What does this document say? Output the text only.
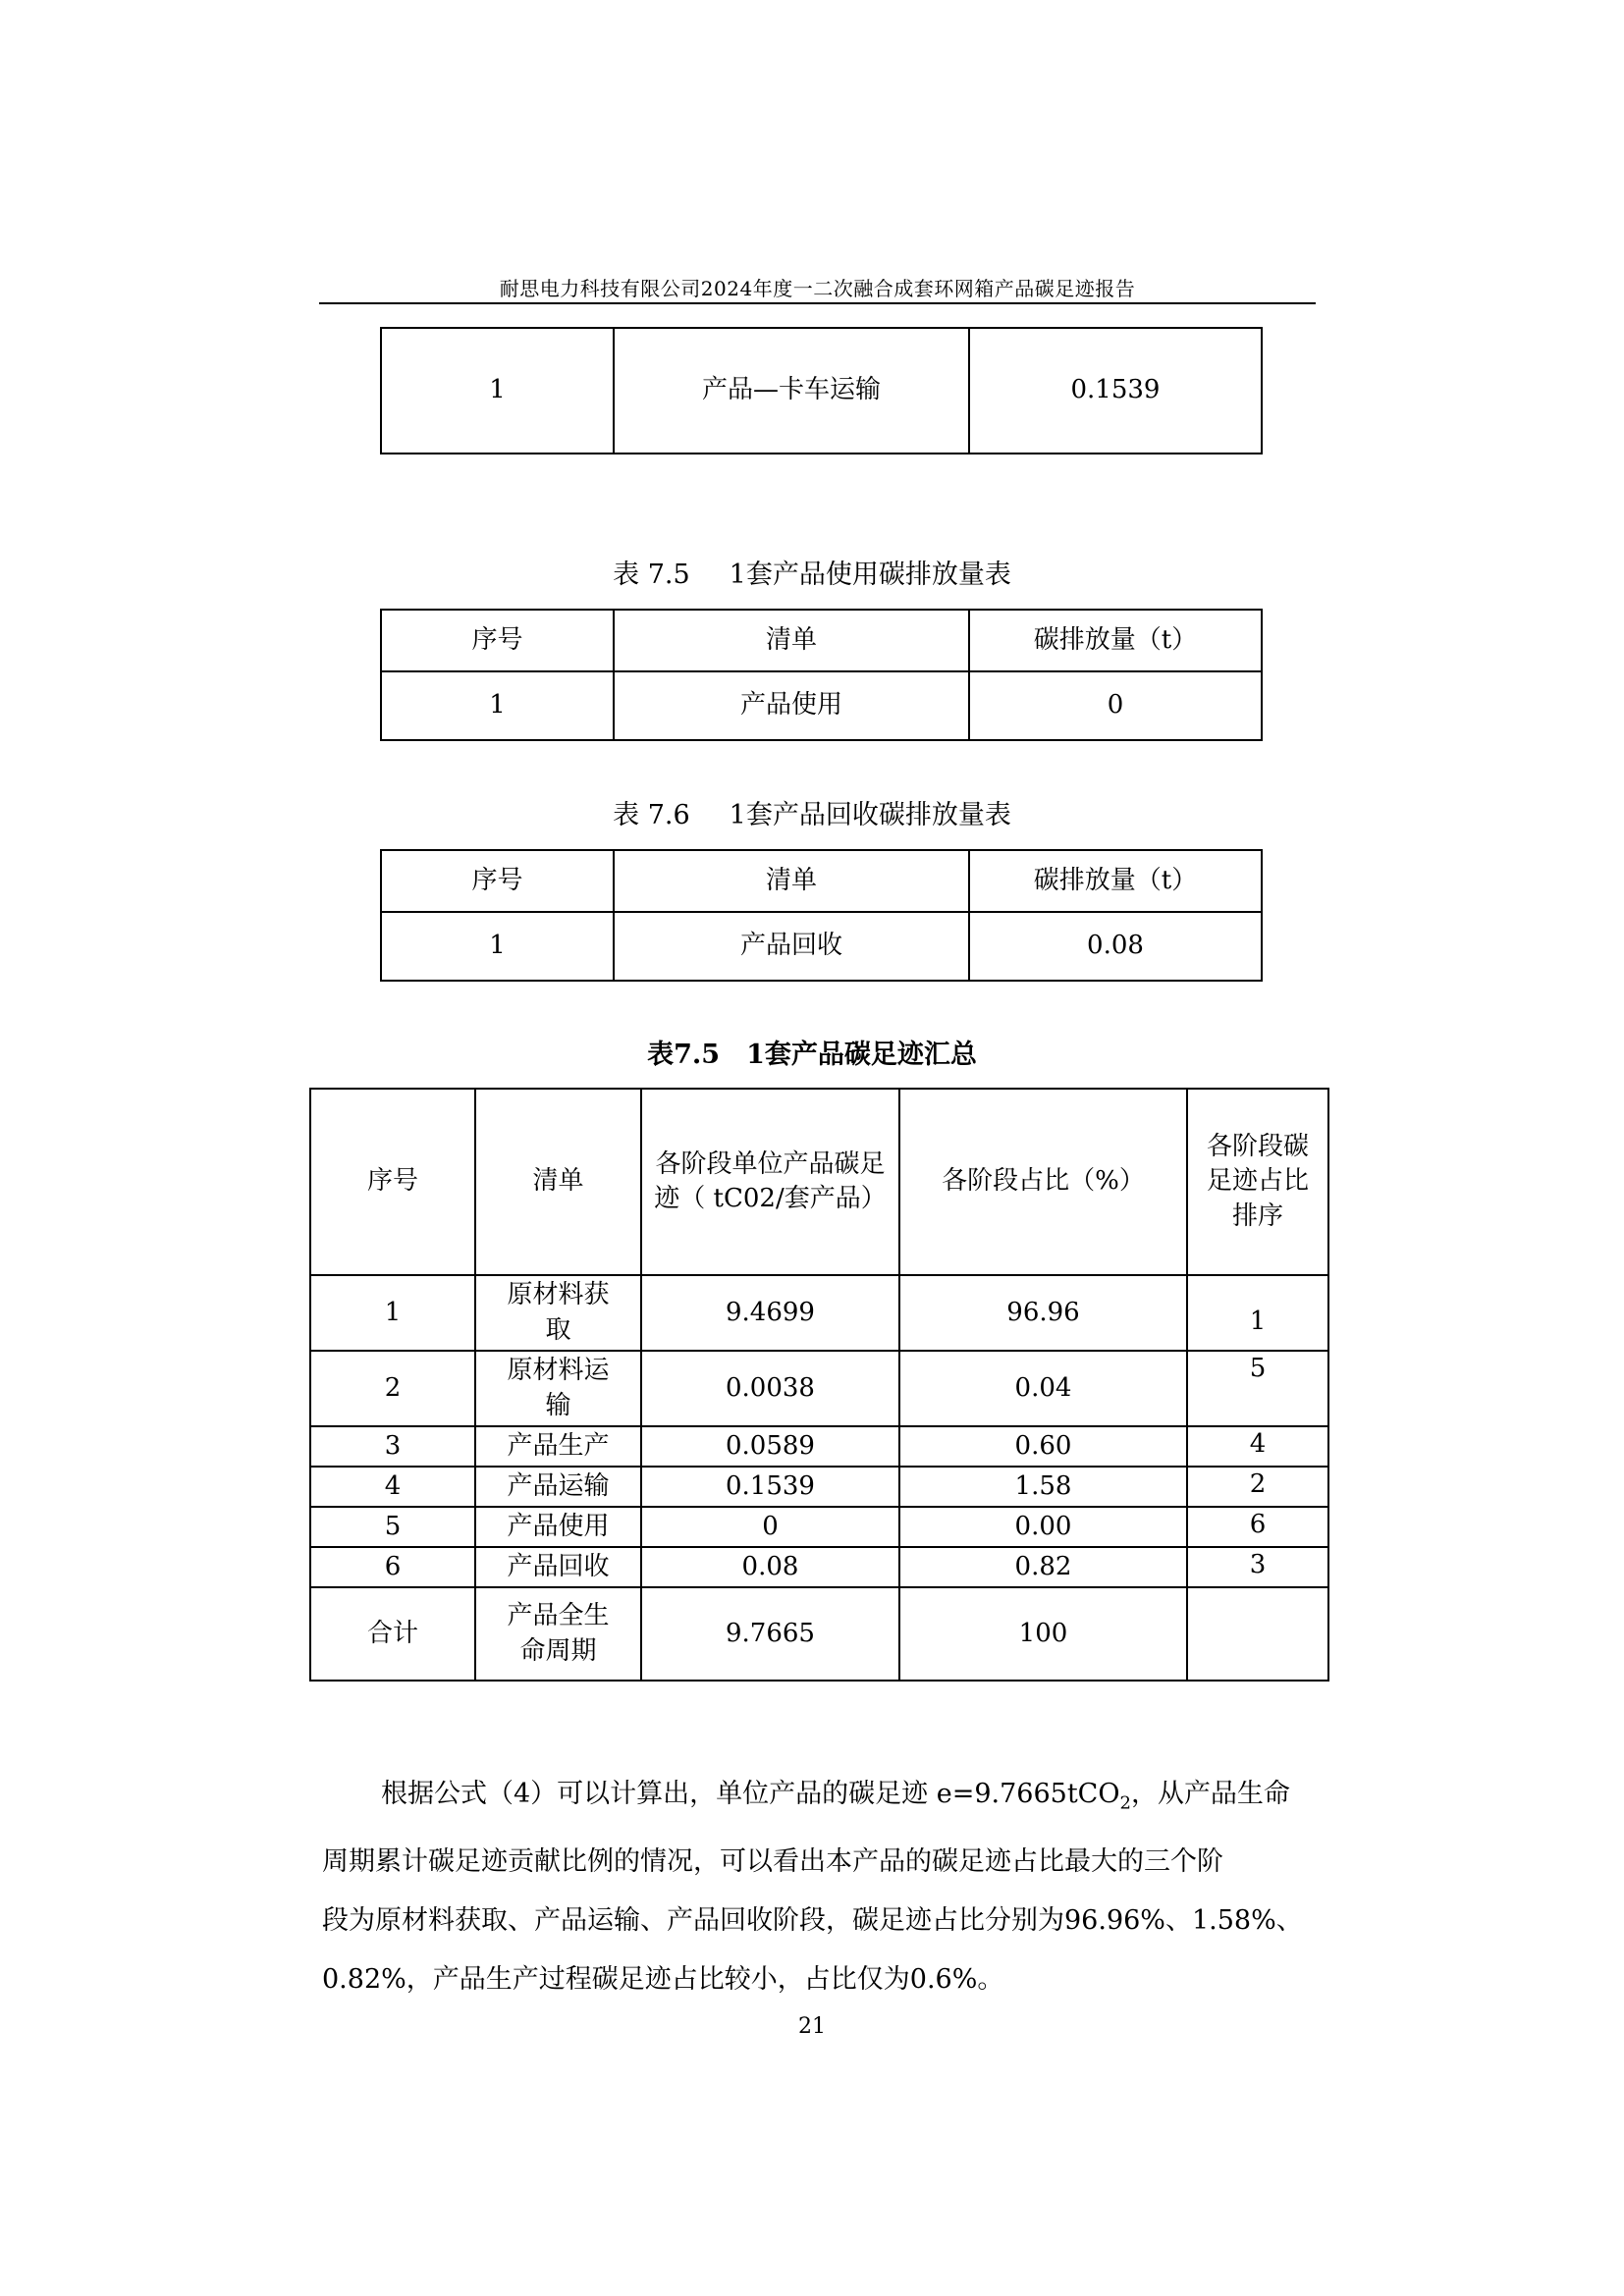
耐思电力科技有限公司2024年度一二次融合成套环网箱产品碳足迹报告
1	产品—卡车运输	0.1539
表 7.5 1套产品使用碳排放量表
序号	清单	碳排放量（t）
1	产品使用	0
表 7.6 1套产品回收碳排放量表
序号	清单	碳排放量（t）
1	产品回收	0.08
表7.5　1套产品碳足迹汇总
序号	清单	各阶段单位产品碳足迹（ tC02/套产品）	各阶段占比（%）	各阶段碳足迹占比排序
1	原材料获取	9.4699	96.96	1
2	原材料运输	0.0038	0.04	5
3	产品生产	0.0589	0.60	4
4	产品运输	0.1539	1.58	2
5	产品使用	0	0.00	6
6	产品回收	0.08	0.82	3
合计	产品全生命周期	9.7665	100	

根据公式（4）可以计算出，单位产品的碳足迹 e=9.7665tCO$_2$，从产品生命

周期累计碳足迹贡献比例的情况，可以看出本产品的碳足迹占比最大的三个阶

段为原材料获取、产品运输、产品回收阶段，碳足迹占比分别为96.96%、1.58%、

0.82%，产品生产过程碳足迹占比较小，占比仅为0.6%。

21
